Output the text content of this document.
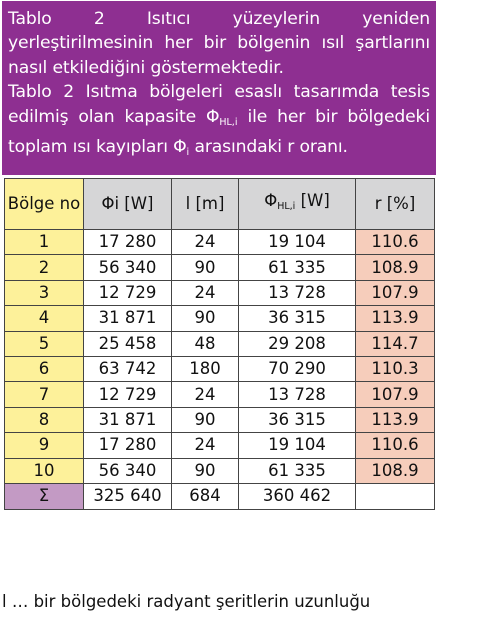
Tablo 2 Isıtıcı yüzeylerin yeniden yerleştirilmesinin her bir bölgenin ısıl şartlarını nasıl etkilediğini göstermektedir.

Tablo 2 Isıtma bölgeleri esaslı tasarımda tesis edilmiş olan kapasite $\Phi_{HL,i}$ ile her bir bölgedeki toplam ısı kayıpları $\Phi_i$ arasındaki r oranı.

Bölge no	Φi [W]	l [m]	$\Phi_{HL,i}$ [W]	r [%]
1	17 280	24	19 104	110.6
2	56 340	90	61 335	108.9
3	12 729	24	13 728	107.9
4	31 871	90	36 315	113.9
5	25 458	48	29 208	114.7
6	63 742	180	70 290	110.3
7	12 729	24	13 728	107.9
8	31 871	90	36 315	113.9
9	17 280	24	19 104	110.6
10	56 340	90	61 335	108.9
Σ	325 640	684	360 462	
l … bir bölgedeki radyant şeritlerin uzunluğu
